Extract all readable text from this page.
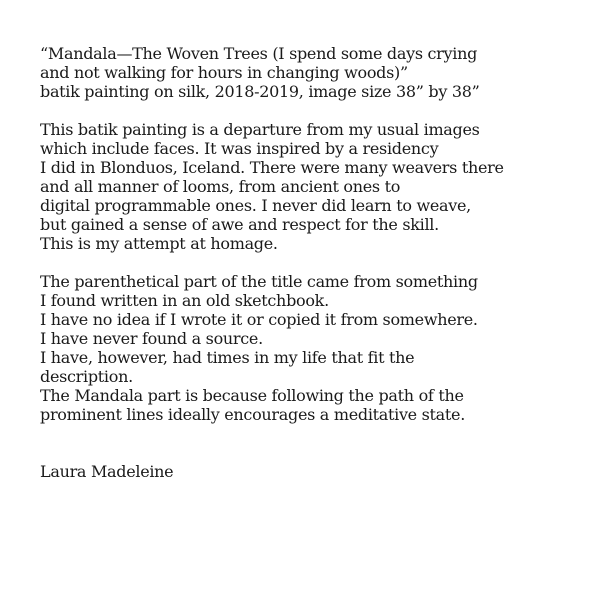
“Mandala—The Woven Trees (I spend some days crying
and not walking for hours in changing woods)”
batik painting on silk, 2018-2019, image size 38” by 38”
This batik painting is a departure from my usual images
which include faces. It was inspired by a residency
I did in Blonduos, Iceland. There were many weavers there
and all manner of looms, from ancient ones to
digital programmable ones. I never did learn to weave,
but gained a sense of awe and respect for the skill.
This is my attempt at homage.
The parenthetical part of the title came from something
I found written in an old sketchbook.
I have no idea if I wrote it or copied it from somewhere.
I have never found a source.
I have, however, had times in my life that fit the
description.
The Mandala part is because following the path of the
prominent lines ideally encourages a meditative state.
Laura Madeleine
